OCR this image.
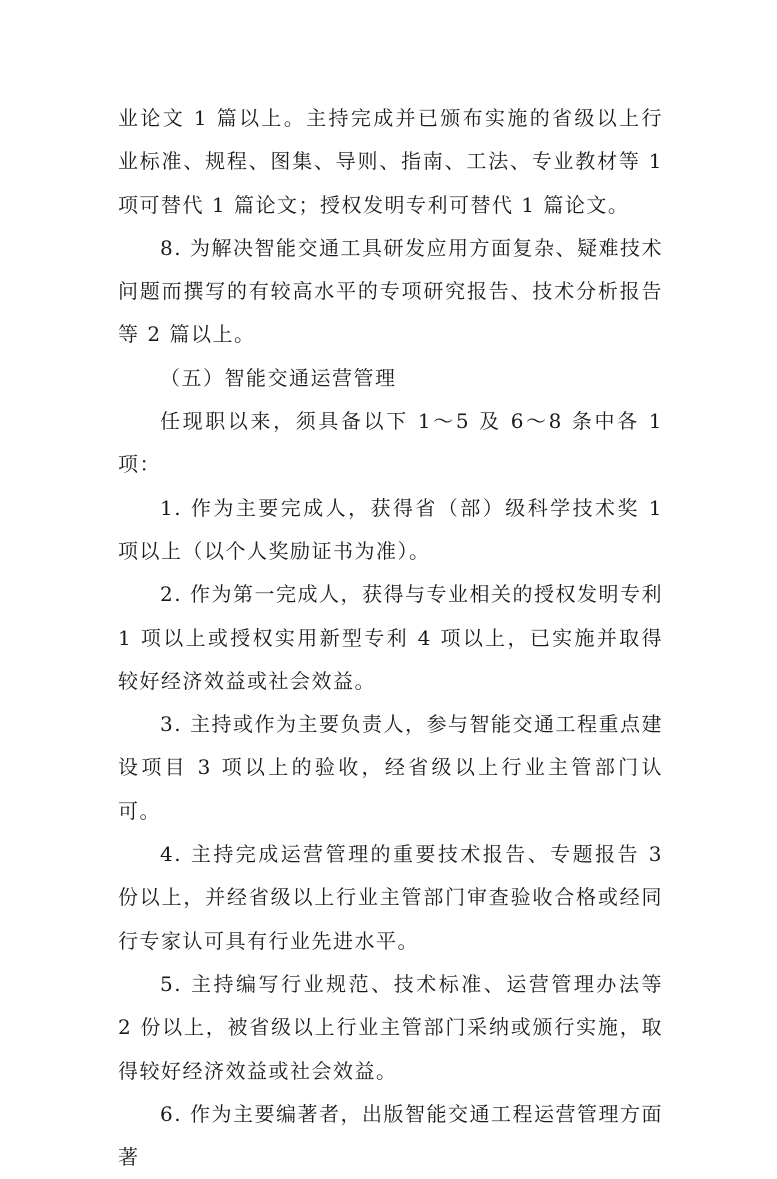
业论文 1 篇以上。主持完成并已颁布实施的省级以上行业标准、规程、图集、导则、指南、工法、专业教材等 1 项可替代 1 篇论文；授权发明专利可替代 1 篇论文。

8. 为解决智能交通工具研发应用方面复杂、疑难技术问题而撰写的有较高水平的专项研究报告、技术分析报告等 2 篇以上。

（五）智能交通运营管理

任现职以来，须具备以下 1～5 及 6～8 条中各 1 项：

1. 作为主要完成人，获得省（部）级科学技术奖 1 项以上（以个人奖励证书为准）。

2. 作为第一完成人，获得与专业相关的授权发明专利 1 项以上或授权实用新型专利 4 项以上，已实施并取得较好经济效益或社会效益。

3. 主持或作为主要负责人，参与智能交通工程重点建设项目 3 项以上的验收，经省级以上行业主管部门认可。

4. 主持完成运营管理的重要技术报告、专题报告 3 份以上，并经省级以上行业主管部门审查验收合格或经同行专家认可具有行业先进水平。

5. 主持编写行业规范、技术标准、运营管理办法等 2 份以上，被省级以上行业主管部门采纳或颁行实施，取得较好经济效益或社会效益。

6. 作为主要编著者，出版智能交通工程运营管理方面著
